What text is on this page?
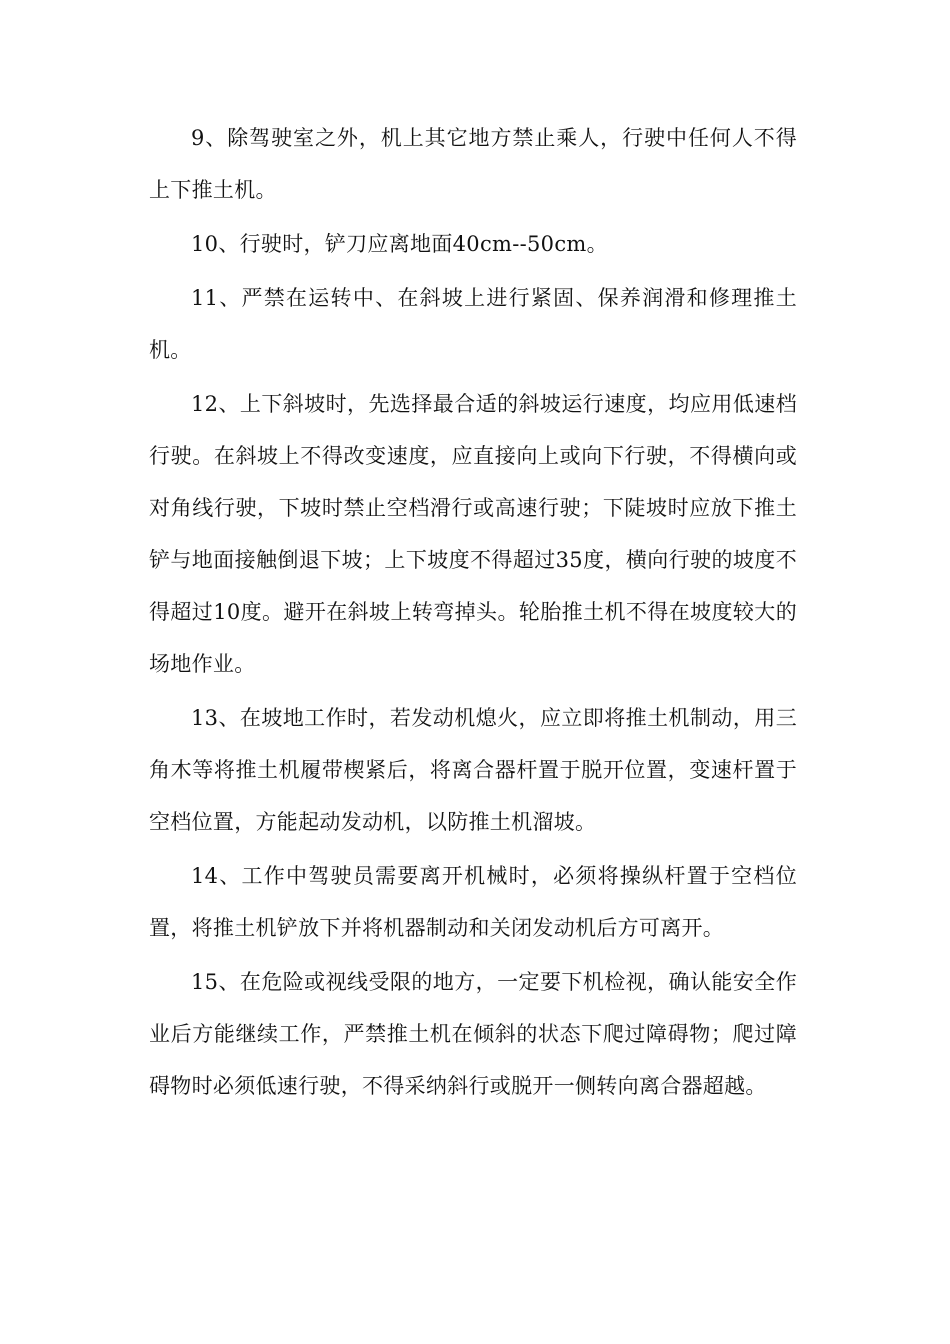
9、除驾驶室之外，机上其它地方禁止乘人，行驶中任何人不得上下推土机。

10、行驶时，铲刀应离地面40cm--50cm。

11、严禁在运转中、在斜坡上进行紧固、保养润滑和修理推土机。

12、上下斜坡时，先选择最合适的斜坡运行速度，均应用低速档行驶。在斜坡上不得改变速度，应直接向上或向下行驶，不得横向或对角线行驶，下坡时禁止空档滑行或高速行驶；下陡坡时应放下推土铲与地面接触倒退下坡；上下坡度不得超过35度，横向行驶的坡度不得超过10度。避开在斜坡上转弯掉头。轮胎推土机不得在坡度较大的场地作业。

13、在坡地工作时，若发动机熄火，应立即将推土机制动，用三角木等将推土机履带楔紧后，将离合器杆置于脱开位置，变速杆置于空档位置，方能起动发动机，以防推土机溜坡。

14、工作中驾驶员需要离开机械时，必须将操纵杆置于空档位置，将推土机铲放下并将机器制动和关闭发动机后方可离开。

15、在危险或视线受限的地方，一定要下机检视，确认能安全作业后方能继续工作，严禁推土机在倾斜的状态下爬过障碍物；爬过障碍物时必须低速行驶，不得采纳斜行或脱开一侧转向离合器超越。
